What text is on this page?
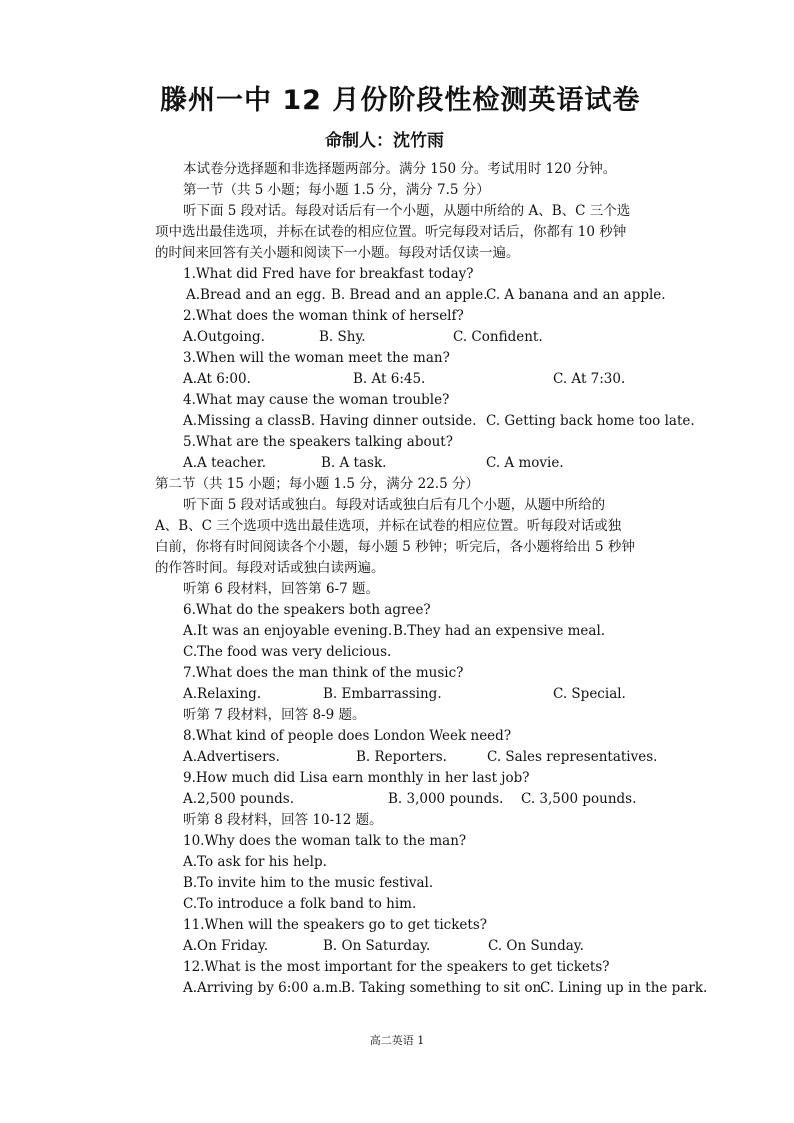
滕州一中 12 月份阶段性检测英语试卷
命制人：沈竹雨
本试卷分选择题和非选择题两部分。满分 150 分。考试用时 120 分钟。
第一节（共 5 小题；每小题 1.5 分，满分 7.5 分）
听下面 5 段对话。每段对话后有一个小题，从题中所给的 A、B、C 三个选
项中选出最佳选项，并标在试卷的相应位置。听完每段对话后，你都有 10 秒钟
的时间来回答有关小题和阅读下一小题。每段对话仅读一遍。
1.What did Fred have for breakfast today?
A.Bread and an egg. B. Bread and an apple.
C. A banana and an apple.
2.What does the woman think of herself?
A.Outgoing.	B. Shy.	C. Confident.
3.When will the woman meet the man?
A.At 6:00.	B. At 6:45.	C. At 7:30.
4.What may cause the woman trouble?
A.Missing a class.
B. Having dinner outside. C. Getting back home too late.
5.What are the speakers talking about?
A.A teacher.	B. A task.	C. A movie.
第二节（共 15 小题；每小题 1.5 分，满分 22.5 分）
听下面 5 段对话或独白。每段对话或独白后有几个小题，从题中所给的
A、B、C 三个选项中选出最佳选项，并标在试卷的相应位置。听每段对话或独
白前，你将有时间阅读各个小题，每小题 5 秒钟；听完后，各小题将给出 5 秒钟
的作答时间。每段对话或独白读两遍。
听第 6 段材料，回答第 6-7 题。
6.What do the speakers both agree?
A.It was an enjoyable evening. B.They had an expensive meal.
C.The food was very delicious.
7.What does the man think of the music?
A.Relaxing.	B. Embarrassing.	C. Special.
听第 7 段材料，回答 8-9 题。
8.What kind of people does London Week need?
A.Advertisers.	B. Reporters.	C. Sales representatives.
9.How much did Lisa earn monthly in her last job?
A.2,500 pounds.	B. 3,000 pounds. C. 3,500 pounds.
听第 8 段材料，回答 10-12 题。
10.Why does the woman talk to the man?
A.To ask for his help.
B.To invite him to the music festival.
C.To introduce a folk band to him.
11.When will the speakers go to get tickets?
A.On Friday.	B. On Saturday.	C. On Sunday.
12.What is the most important for the speakers to get tickets?
A.Arriving by 6:00 a.m.
B. Taking something to sit on.
C. Lining up in the park.
高二英语 1
